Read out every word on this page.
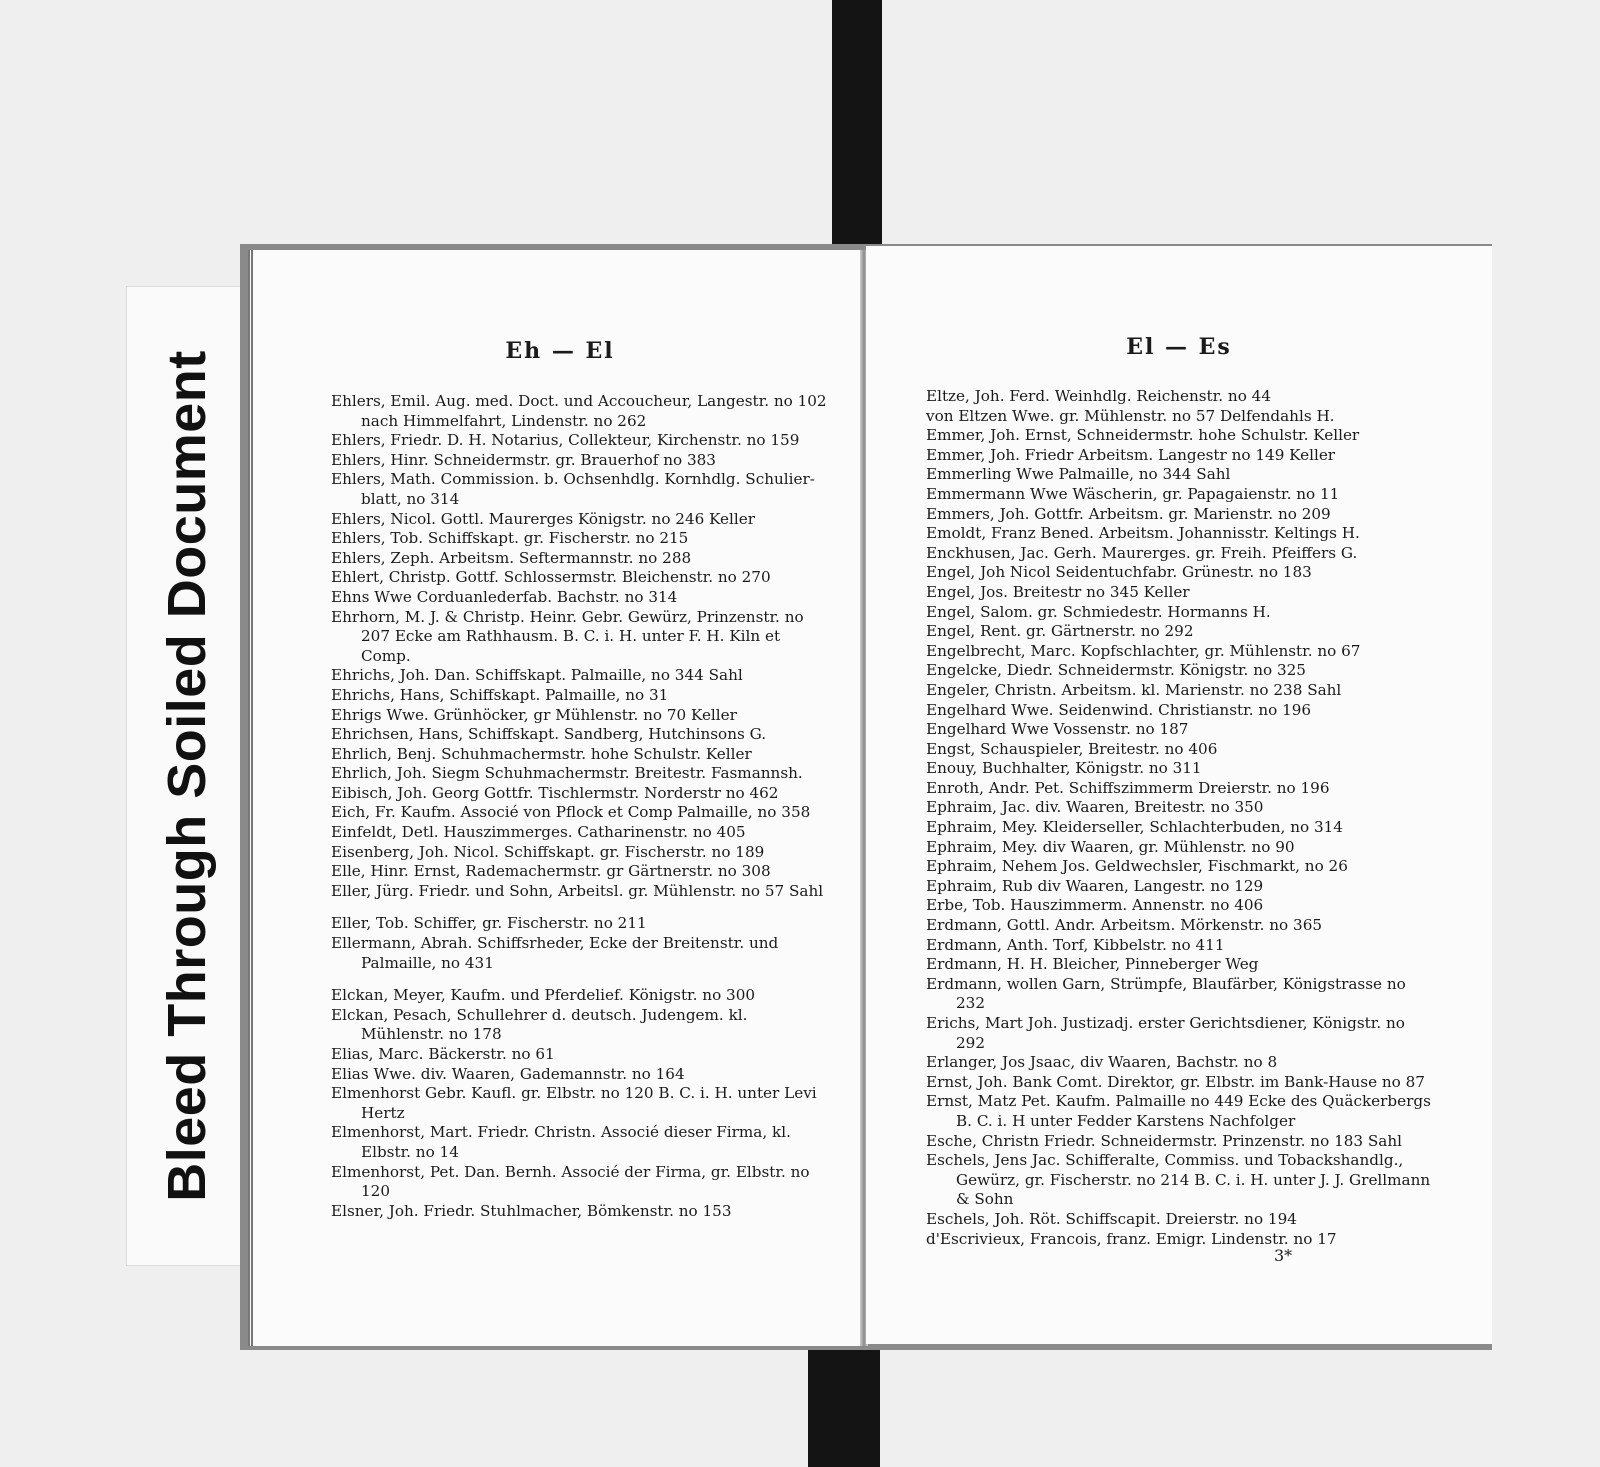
Bleed Through Soiled Document	Eh — El

Ehlers, Emil. Aug. med. Doct. und Accoucheur, Langestr. no 102 nach Himmelfahrt, Lindenstr. no 262

Ehlers, Friedr. D. H. Notarius, Collekteur, Kirchenstr. no 159

Ehlers, Hinr. Schneidermstr. gr. Brauerhof no 383

Ehlers, Math. Commission. b. Ochsenhdlg. Kornhdlg. Schulier-blatt, no 314

Ehlers, Nicol. Gottl. Maurerges Königstr. no 246 Keller

Ehlers, Tob. Schiffskapt. gr. Fischerstr. no 215

Ehlers, Zeph. Arbeitsm. Seftermannstr. no 288

Ehlert, Christp. Gottf. Schlossermstr. Bleichenstr. no 270

Ehns Wwe Corduanlederfab. Bachstr. no 314

Ehrhorn, M. J. & Christp. Heinr. Gebr. Gewürz, Prinzenstr. no 207 Ecke am Rathhausm. B. C. i. H. unter F. H. Kiln et Comp.

Ehrichs, Joh. Dan. Schiffskapt. Palmaille, no 344 Sahl

Ehrichs, Hans, Schiffskapt. Palmaille, no 31

Ehrigs Wwe. Grünhöcker, gr Mühlenstr. no 70 Keller

Ehrichsen, Hans, Schiffskapt. Sandberg, Hutchinsons G.

Ehrlich, Benj. Schuhmachermstr. hohe Schulstr. Keller

Ehrlich, Joh. Siegm Schuhmachermstr. Breitestr. Fasmannsh.

Eibisch, Joh. Georg Gottfr. Tischlermstr. Norderstr no 462

Eich, Fr. Kaufm. Associé von Pflock et Comp Palmaille, no 358

Einfeldt, Detl. Hauszimmerges. Catharinenstr. no 405

Eisenberg, Joh. Nicol. Schiffskapt. gr. Fischerstr. no 189

Elle, Hinr. Ernst, Rademachermstr. gr Gärtnerstr. no 308

Eller, Jürg. Friedr. und Sohn, Arbeitsl. gr. Mühlenstr. no 57 Sahl

Eller, Tob. Schiffer, gr. Fischerstr. no 211

Ellermann, Abrah. Schiffsrheder, Ecke der Breitenstr. und Palmaille, no 431

Elckan, Meyer, Kaufm. und Pferdelief. Königstr. no 300

Elckan, Pesach, Schullehrer d. deutsch. Judengem. kl. Mühlenstr. no 178

Elias, Marc. Bäckerstr. no 61

Elias Wwe. div. Waaren, Gademannstr. no 164

Elmenhorst Gebr. Kaufl. gr. Elbstr. no 120 B. C. i. H. unter Levi Hertz

Elmenhorst, Mart. Friedr. Christn. Associé dieser Firma, kl. Elbstr. no 14

Elmenhorst, Pet. Dan. Bernh. Associé der Firma, gr. Elbstr. no 120

Elsner, Joh. Friedr. Stuhlmacher, Bömkenstr. no 153

El — Es

Eltze, Joh. Ferd. Weinhdlg. Reichenstr. no 44

von Eltzen Wwe. gr. Mühlenstr. no 57 Delfendahls H.

Emmer, Joh. Ernst, Schneidermstr. hohe Schulstr. Keller

Emmer, Joh. Friedr Arbeitsm. Langestr no 149 Keller

Emmerling Wwe Palmaille, no 344 Sahl

Emmermann Wwe Wäscherin, gr. Papagaienstr. no 11

Emmers, Joh. Gottfr. Arbeitsm. gr. Marienstr. no 209

Emoldt, Franz Bened. Arbeitsm. Johannisstr. Keltings H.

Enckhusen, Jac. Gerh. Maurerges. gr. Freih. Pfeiffers G.

Engel, Joh Nicol Seidentuchfabr. Grünestr. no 183

Engel, Jos. Breitestr no 345 Keller

Engel, Salom. gr. Schmiedestr. Hormanns H.

Engel, Rent. gr. Gärtnerstr. no 292

Engelbrecht, Marc. Kopfschlachter, gr. Mühlenstr. no 67

Engelcke, Diedr. Schneidermstr. Königstr. no 325

Engeler, Christn. Arbeitsm. kl. Marienstr. no 238 Sahl

Engelhard Wwe. Seidenwind. Christianstr. no 196

Engelhard Wwe Vossenstr. no 187

Engst, Schauspieler, Breitestr. no 406

Enouy, Buchhalter, Königstr. no 311

Enroth, Andr. Pet. Schiffszimmerm Dreierstr. no 196

Ephraim, Jac. div. Waaren, Breitestr. no 350

Ephraim, Mey. Kleiderseller, Schlachterbuden, no 314

Ephraim, Mey. div Waaren, gr. Mühlenstr. no 90

Ephraim, Nehem Jos. Geldwechsler, Fischmarkt, no 26

Ephraim, Rub div Waaren, Langestr. no 129

Erbe, Tob. Hauszimmerm. Annenstr. no 406

Erdmann, Gottl. Andr. Arbeitsm. Mörkenstr. no 365

Erdmann, Anth. Torf, Kibbelstr. no 411

Erdmann, H. H. Bleicher, Pinneberger Weg

Erdmann, wollen Garn, Strümpfe, Blaufärber, Königstrasse no 232

Erichs, Mart Joh. Justizadj. erster Gerichtsdiener, Königstr. no 292

Erlanger, Jos Jsaac, div Waaren, Bachstr. no 8

Ernst, Joh. Bank Comt. Direktor, gr. Elbstr. im Bank-Hause no 87

Ernst, Matz Pet. Kaufm. Palmaille no 449 Ecke des Quäckerbergs B. C. i. H unter Fedder Karstens Nachfolger

Esche, Christn Friedr. Schneidermstr. Prinzenstr. no 183 Sahl

Eschels, Jens Jac. Schifferalte, Commiss. und Tobackshandlg., Gewürz, gr. Fischerstr. no 214 B. C. i. H. unter J. J. Grellmann & Sohn

Eschels, Joh. Röt. Schiffscapit. Dreierstr. no 194

d'Escrivieux, Francois, franz. Emigr. Lindenstr. no 17

3*
